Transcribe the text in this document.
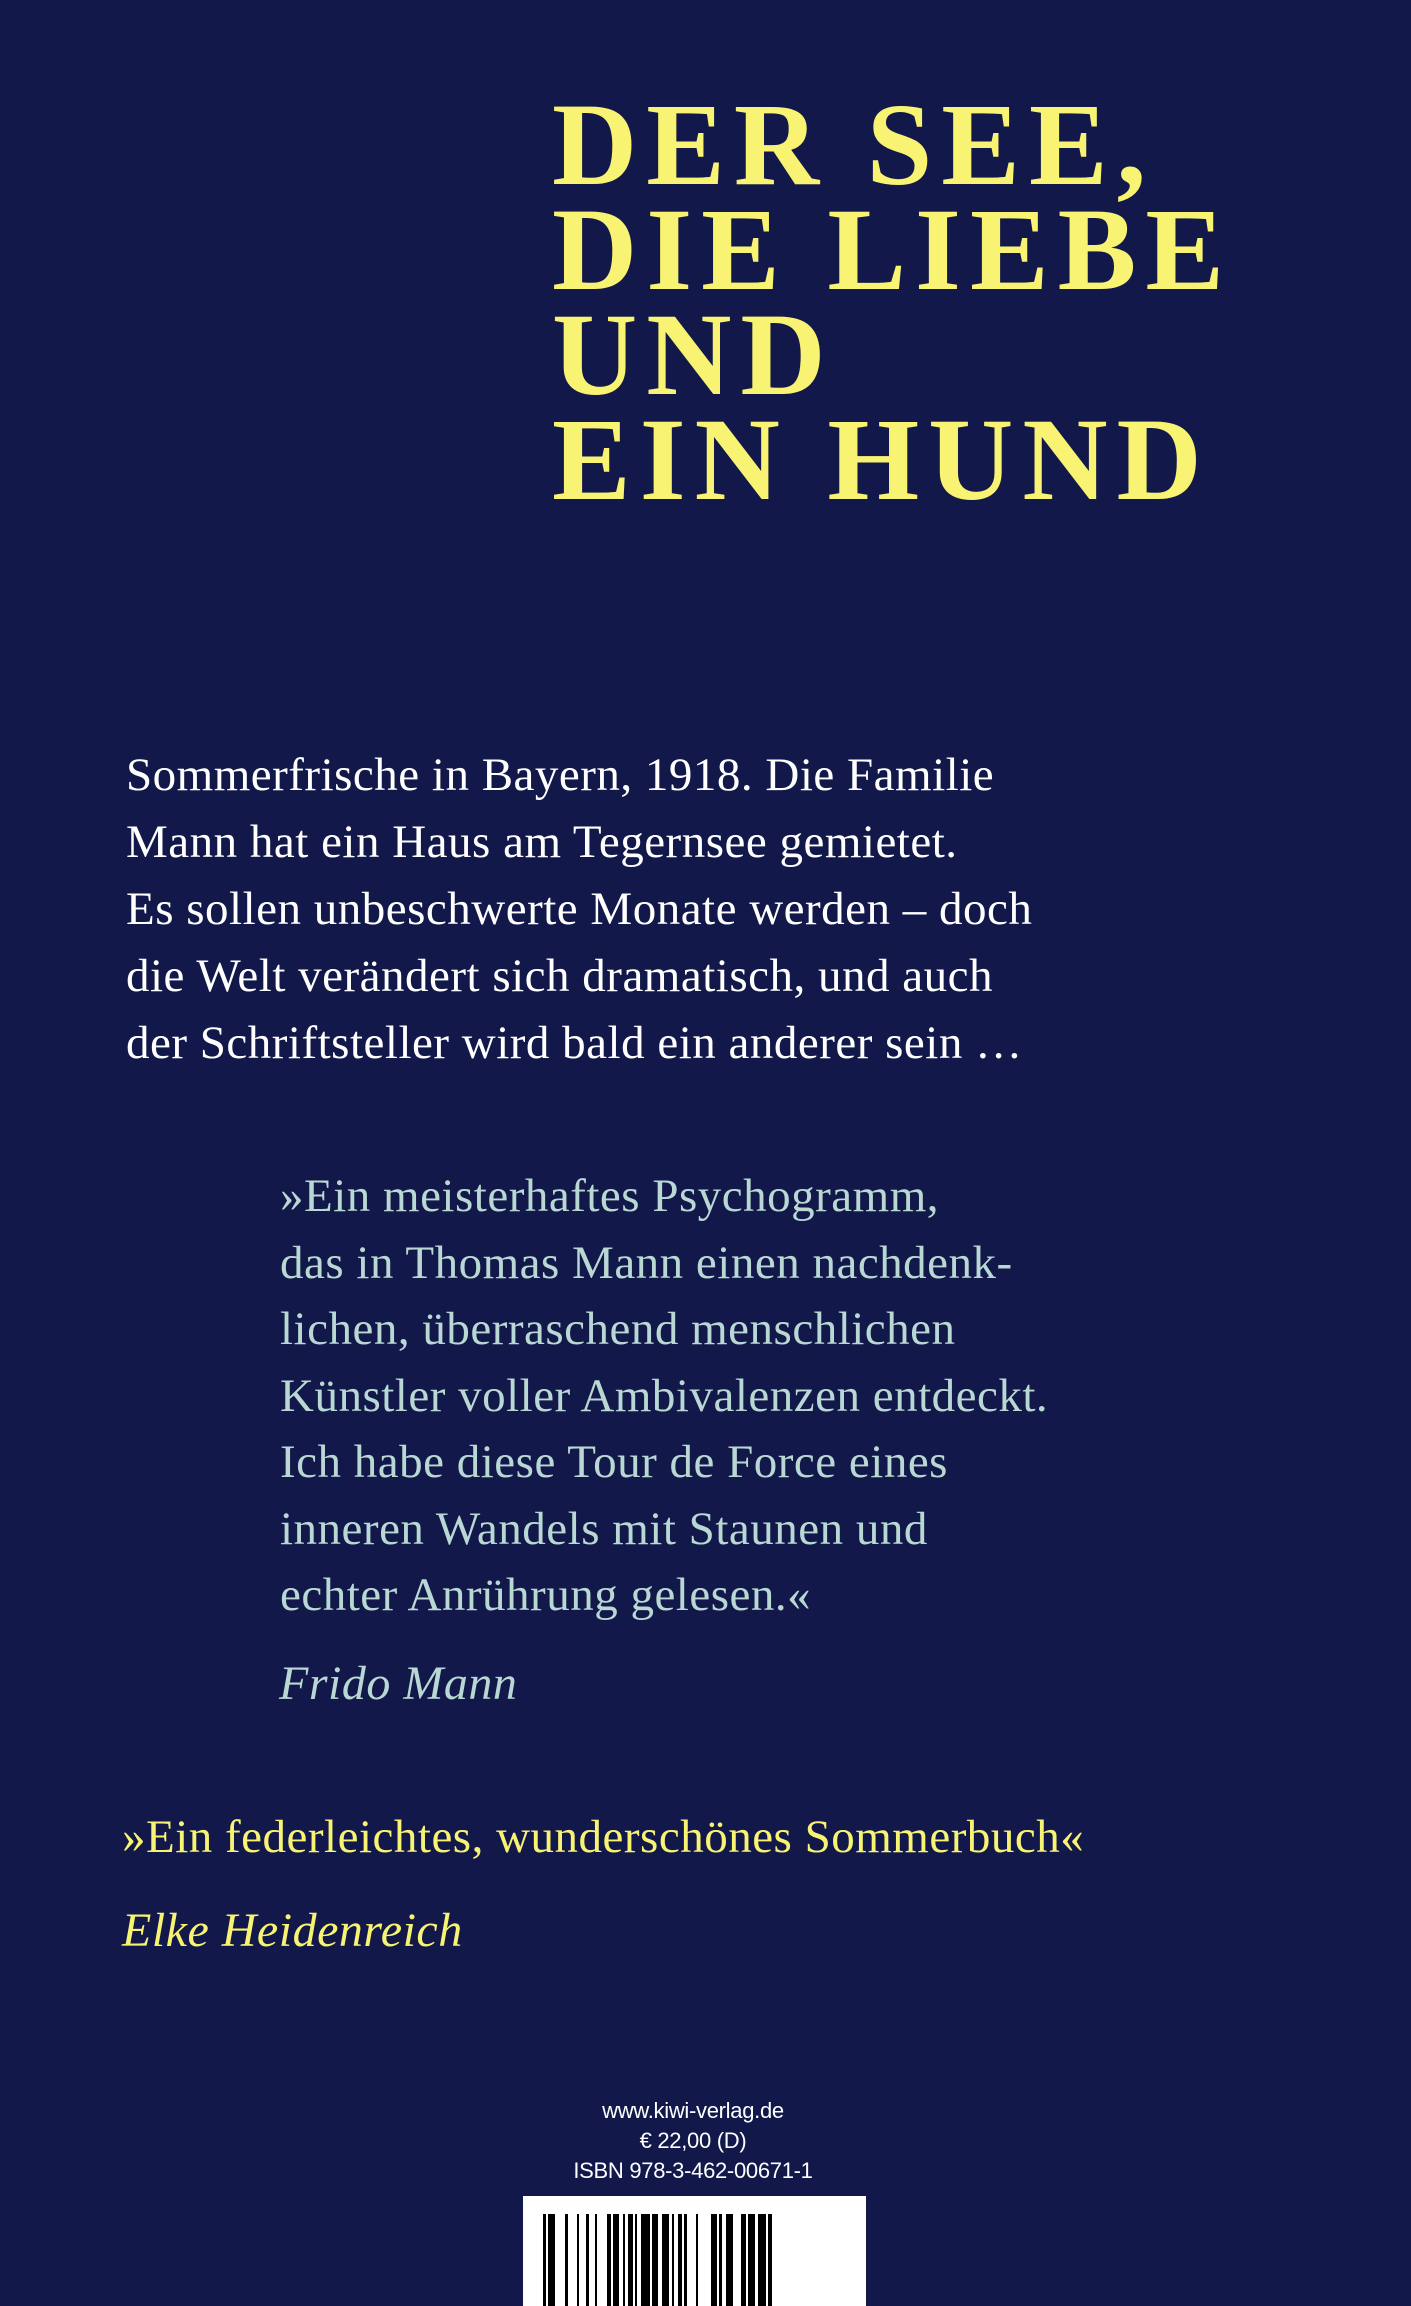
DER SEE,
DIE LIEBE
UND
EIN HUND
Sommerfrische in Bayern, 1918. Die Familie
Mann hat ein Haus am Tegernsee gemietet.
Es sollen unbeschwerte Monate werden – doch
die Welt verändert sich dramatisch, und auch
der Schriftsteller wird bald ein anderer sein …
»Ein meisterhaftes Psychogramm,
das in Thomas Mann einen nachdenk-
lichen, überraschend menschlichen
Künstler voller Ambivalenzen entdeckt.
Ich habe diese Tour de Force eines
inneren Wandels mit Staunen und
echter Anrührung gelesen.«
Frido Mann
»Ein federleichtes, wunderschönes Sommerbuch«
Elke Heidenreich
www.kiwi-verlag.de
€ 22,00 (D)
ISBN 978-3-462-00671-1
